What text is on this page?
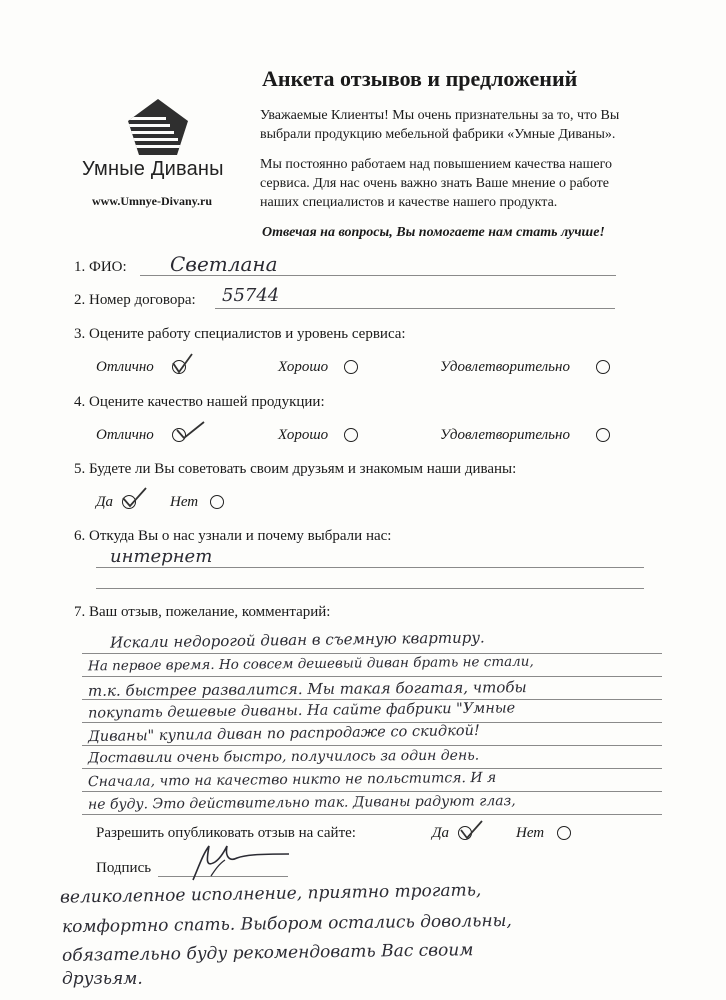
Умные Диваны
www.Umnye-Divany.ru
Анкета отзывов и предложений
Уважаемые Клиенты! Мы очень признательны за то, что Вы
выбрали продукцию мебельной фабрики «Умные Диваны».
Мы постоянно работаем над повышением качества нашего
сервиса. Для нас очень важно знать Ваше мнение о работе
наших специалистов и качестве нашего продукта.
Отвечая на вопросы, Вы помогаете нам стать лучше!
1. ФИО: Светлана
2. Номер договора: 55744
3. Оцените работу специалистов и уровень сервиса:
Отлично	Хорошо	Удовлетворительно
4. Оцените качество нашей продукции:
Отлично	Хорошо	Удовлетворительно
5. Будете ли Вы советовать своим друзьям и знакомым наши диваны:
Да	Нет
6. Откуда Вы о нас узнали и почему выбрали нас:
интернет
7. Ваш отзыв, пожелание, комментарий:
Искали недорогой диван в съемную квартиру.
На первое время. Но совсем дешевый диван брать не стали,
т.к. быстрее развалится. Мы такая богатая, чтобы
покупать дешевые диваны. На сайте фабрики "Умные
Диваны" купила диван по распродаже со скидкой!
Доставили очень быстро, получилось за один день.
Сначала, что на качество никто не польстится. И я
не буду. Это действительно так. Диваны радуют глаз,
великолепное исполнение, приятно трогать,
комфортно спать. Выбором остались довольны,
обязательно буду рекомендовать Вас своим
друзьям.
Разрешить опубликовать отзыв на сайте:	Да	Нет
Подпись
